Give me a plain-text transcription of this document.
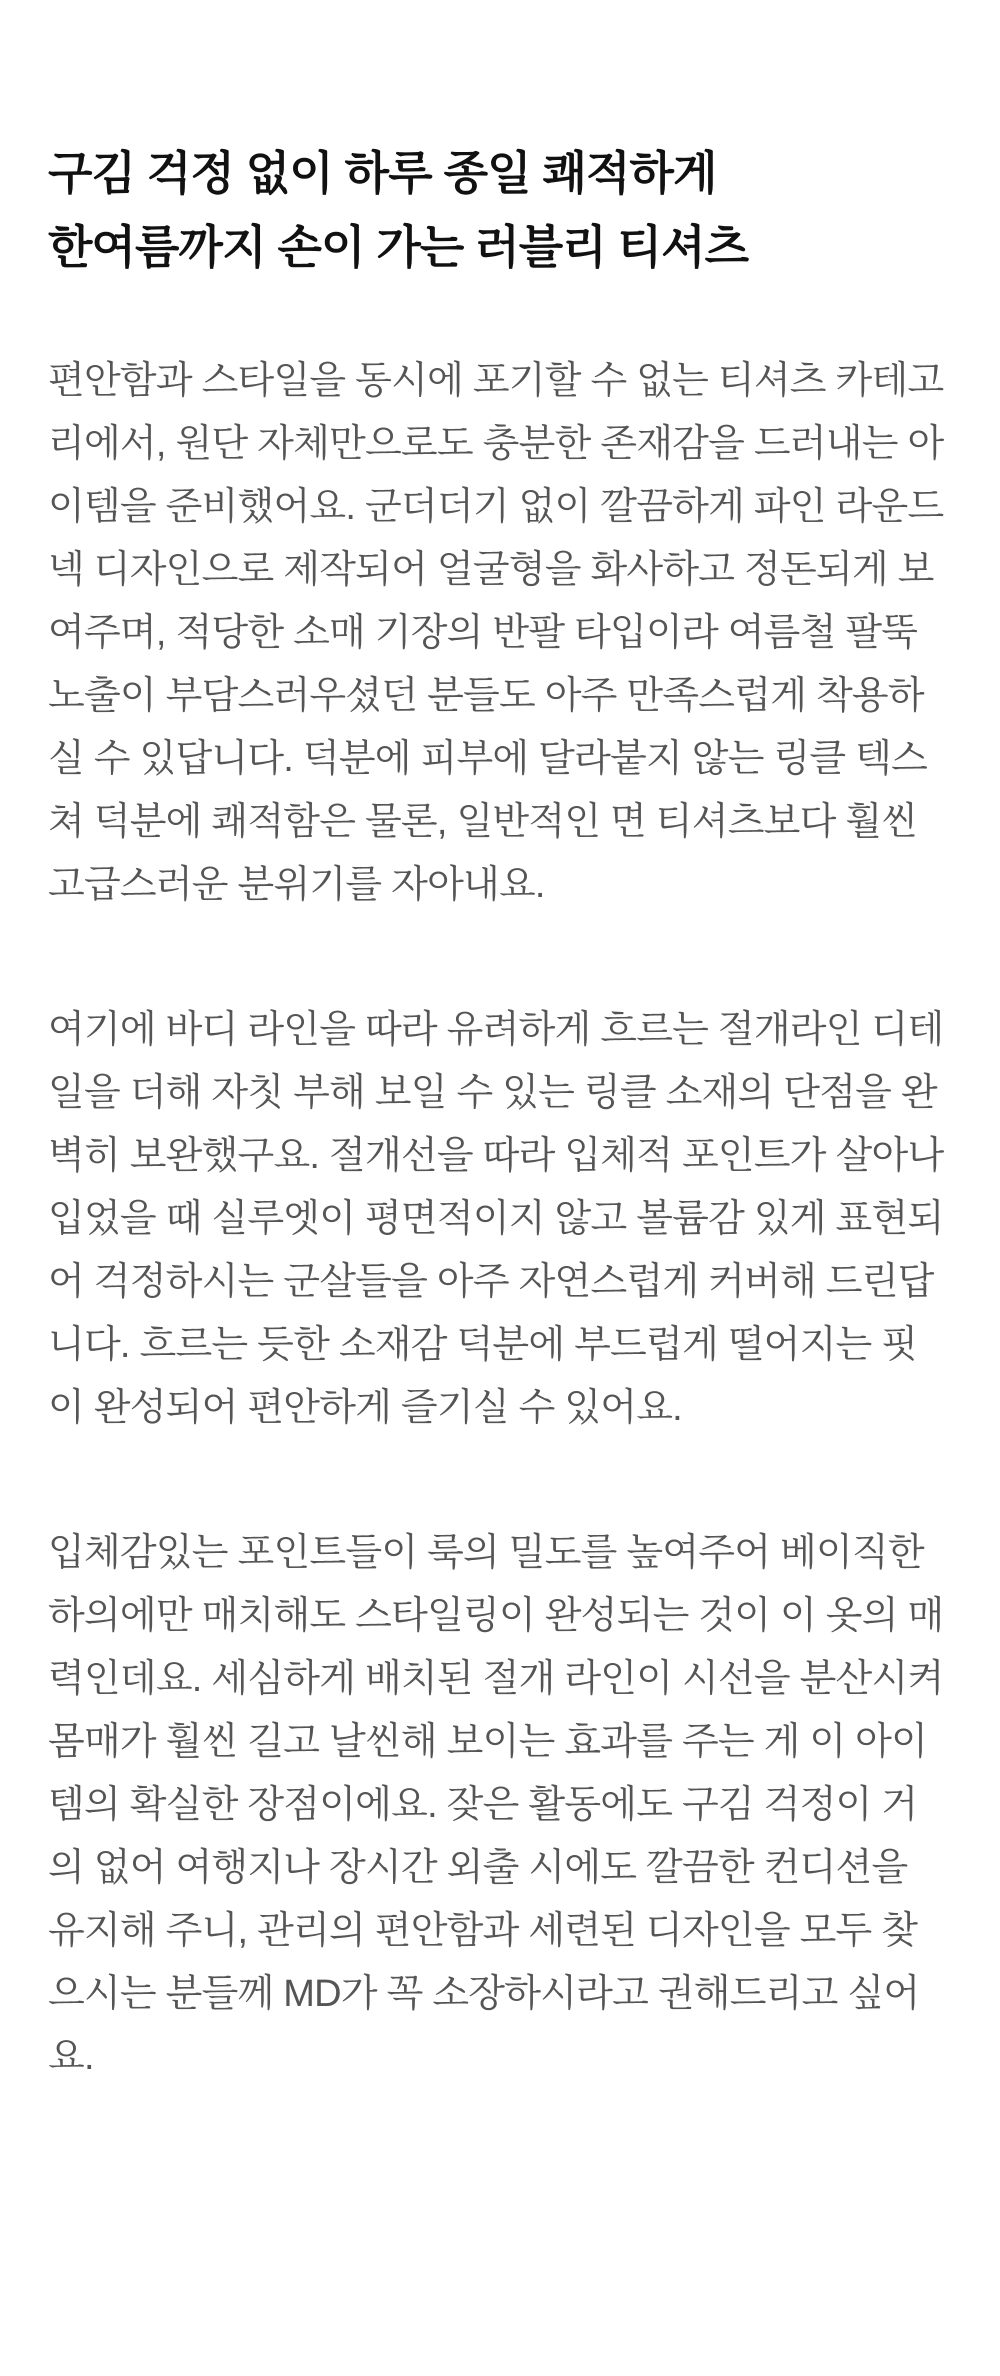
구김 걱정 없이 하루 종일 쾌적하게
한여름까지 손이 가는 러블리 티셔츠

편안함과 스타일을 동시에 포기할 수 없는 티셔츠 카테고리에서, 원단 자체만으로도 충분한 존재감을 드러내는 아이템을 준비했어요. 군더더기 없이 깔끔하게 파인 라운드넥 디자인으로 제작되어 얼굴형을 화사하고 정돈되게 보여주며, 적당한 소매 기장의 반팔 타입이라 여름철 팔뚝 노출이 부담스러우셨던 분들도 아주 만족스럽게 착용하실 수 있답니다. 덕분에 피부에 달라붙지 않는 링클 텍스쳐 덕분에 쾌적함은 물론, 일반적인 면 티셔츠보다 훨씬 고급스러운 분위기를 자아내요.

여기에 바디 라인을 따라 유려하게 흐르는 절개라인 디테일을 더해 자칫 부해 보일 수 있는 링클 소재의 단점을 완벽히 보완했구요. 절개선을 따라 입체적 포인트가 살아나 입었을 때 실루엣이 평면적이지 않고 볼륨감 있게 표현되어 걱정하시는 군살들을 아주 자연스럽게 커버해 드린답니다. 흐르는 듯한 소재감 덕분에 부드럽게 떨어지는 핏이 완성되어 편안하게 즐기실 수 있어요.

입체감있는 포인트들이 룩의 밀도를 높여주어 베이직한 하의에만 매치해도 스타일링이 완성되는 것이 이 옷의 매력인데요. 세심하게 배치된 절개 라인이 시선을 분산시켜 몸매가 훨씬 길고 날씬해 보이는 효과를 주는 게 이 아이템의 확실한 장점이에요. 잦은 활동에도 구김 걱정이 거의 없어 여행지나 장시간 외출 시에도 깔끔한 컨디션을 유지해 주니, 관리의 편안함과 세련된 디자인을 모두 찾으시는 분들께 MD가 꼭 소장하시라고 권해드리고 싶어요.
